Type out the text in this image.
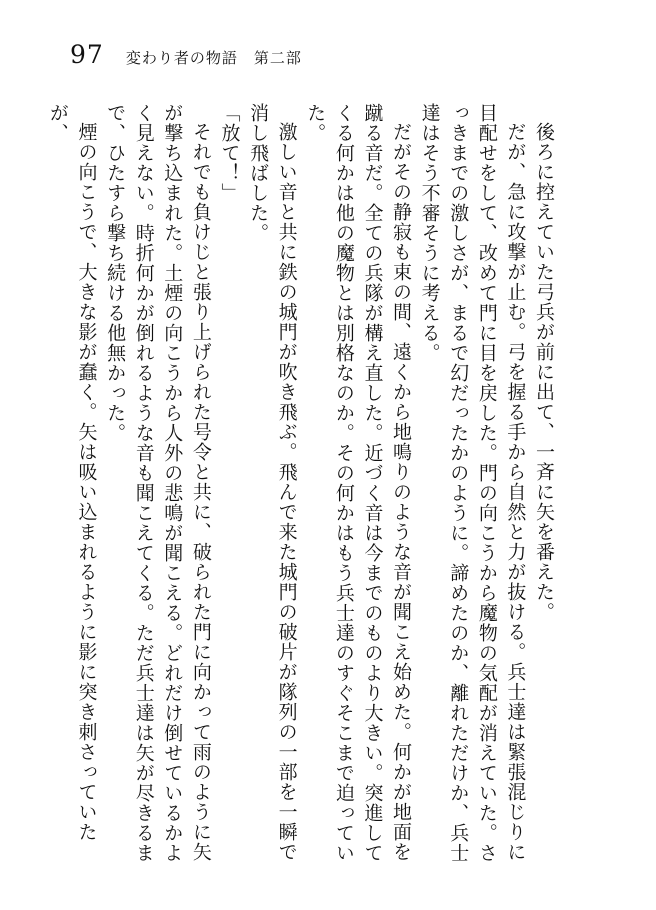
97 変わり者の物語　第二部

後ろに控えていた弓兵が前に出て、一斉に矢を番えた。

だが、急に攻撃が止む。弓を握る手から自然と力が抜ける。兵士達は緊張混じりに目配せをして、改めて門に目を戻した。門の向こうから魔物の気配が消えていた。さっきまでの激しさが、まるで幻だったかのように。諦めたのか、離れただけか、兵士達はそう不審そうに考える。

だがその静寂も束の間、遠くから地鳴りのような音が聞こえ始めた。何かが地面を蹴る音だ。全ての兵隊が構え直した。近づく音は今までのものより大きい。突進してくる何かは他の魔物とは別格なのか。その何かはもう兵士達のすぐそこまで迫っていた。

激しい音と共に鉄の城門が吹き飛ぶ。飛んで来た城門の破片が隊列の一部を一瞬で消し飛ばした。

「放て！」

それでも負けじと張り上げられた号令と共に、破られた門に向かって雨のように矢が撃ち込まれた。土煙の向こうから人外の悲鳴が聞こえる。どれだけ倒せているかよく見えない。時折何かが倒れるような音も聞こえてくる。ただ兵士達は矢が尽きるまで、ひたすら撃ち続ける他無かった。

煙の向こうで、大きな影が蠢く。矢は吸い込まれるように影に突き刺さっていたが、
